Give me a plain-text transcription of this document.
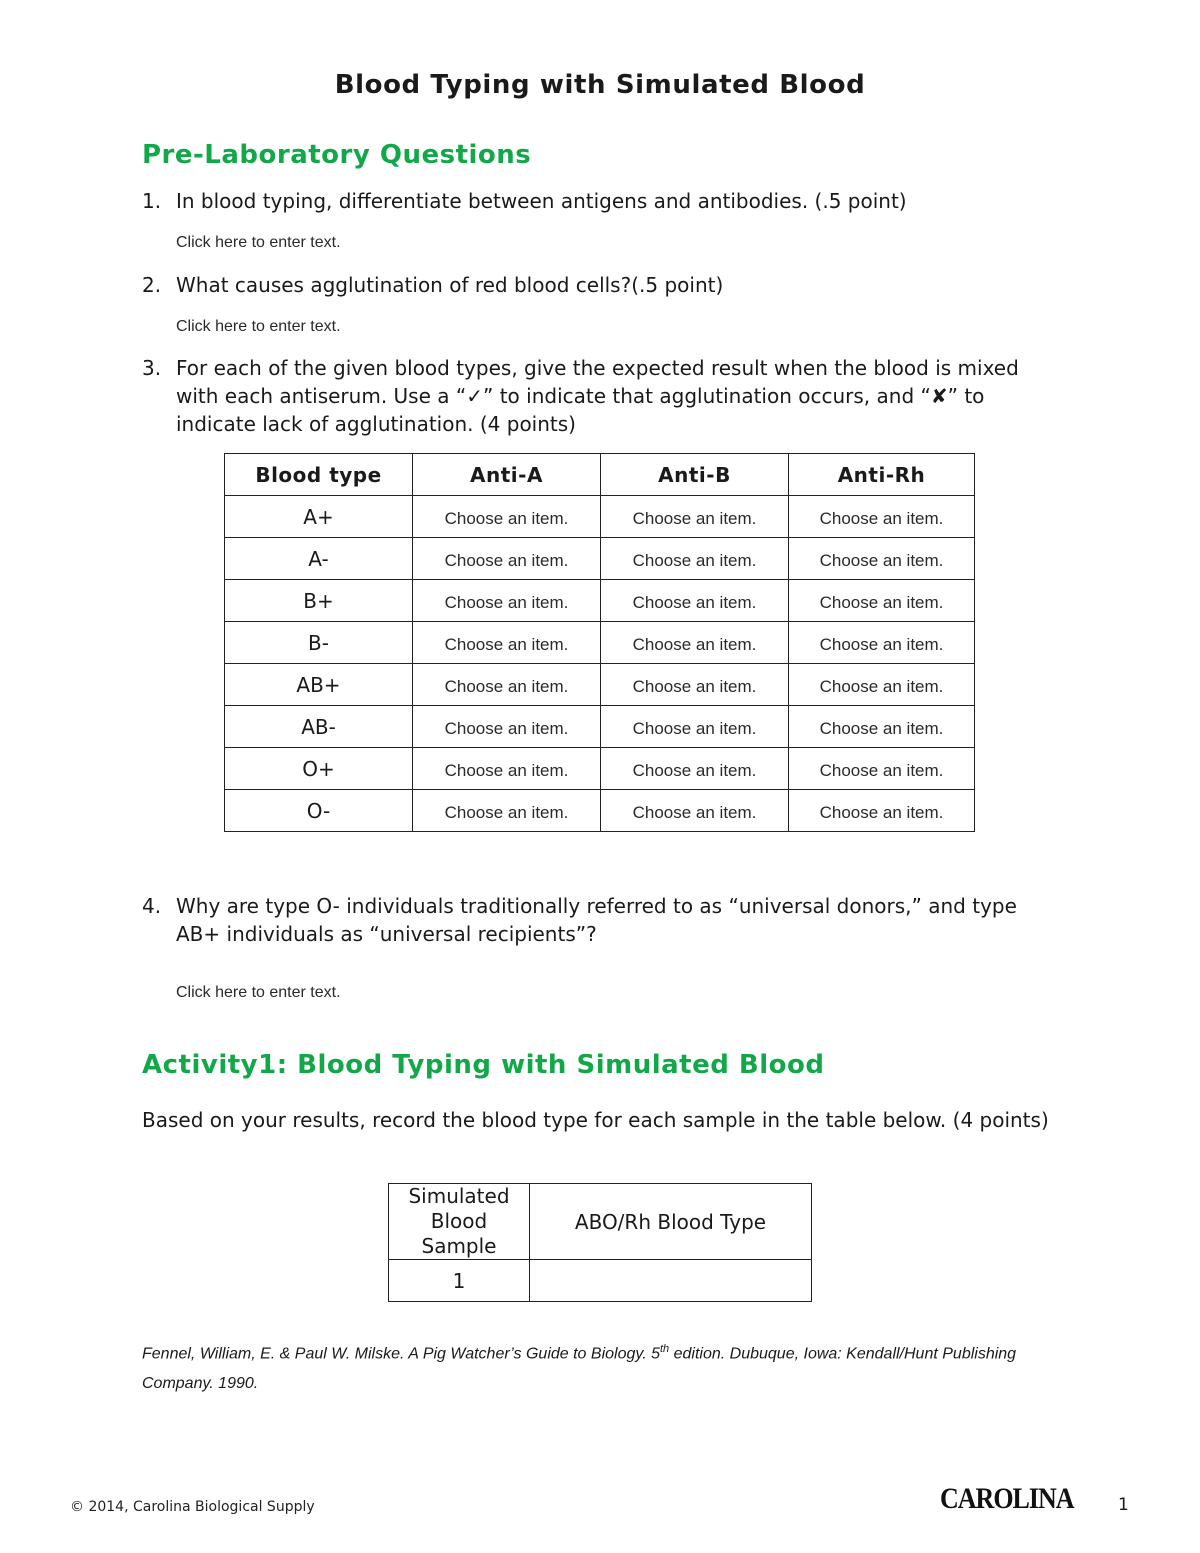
Blood Typing with Simulated Blood
Pre-Laboratory Questions
1. In blood typing, differentiate between antigens and antibodies. (.5 point)
Click here to enter text.
2. What causes agglutination of red blood cells?(.5 point)
Click here to enter text.
3. For each of the given blood types, give the expected result when the blood is mixed with each antiserum. Use a “✓” to indicate that agglutination occurs, and “✘” to indicate lack of agglutination. (4 points)
Blood type	Anti-A	Anti-B	Anti-Rh
A+	Choose an item.	Choose an item.	Choose an item.
A-	Choose an item.	Choose an item.	Choose an item.
B+	Choose an item.	Choose an item.	Choose an item.
B-	Choose an item.	Choose an item.	Choose an item.
AB+	Choose an item.	Choose an item.	Choose an item.
AB-	Choose an item.	Choose an item.	Choose an item.
O+	Choose an item.	Choose an item.	Choose an item.
O-	Choose an item.	Choose an item.	Choose an item.
4. Why are type O- individuals traditionally referred to as “universal donors,” and type AB+ individuals as “universal recipients”?
Click here to enter text.
Activity1: Blood Typing with Simulated Blood
Based on your results, record the blood type for each sample in the table below. (4 points)
Simulated Blood Sample	ABO/Rh Blood Type
1	
Fennel, William, E. & Paul W. Milske. A Pig Watcher’s Guide to Biology. 5th edition. Dubuque, Iowa: Kendall/Hunt Publishing Company. 1990.
© 2014, Carolina Biological Supply	CAROLINA	1
